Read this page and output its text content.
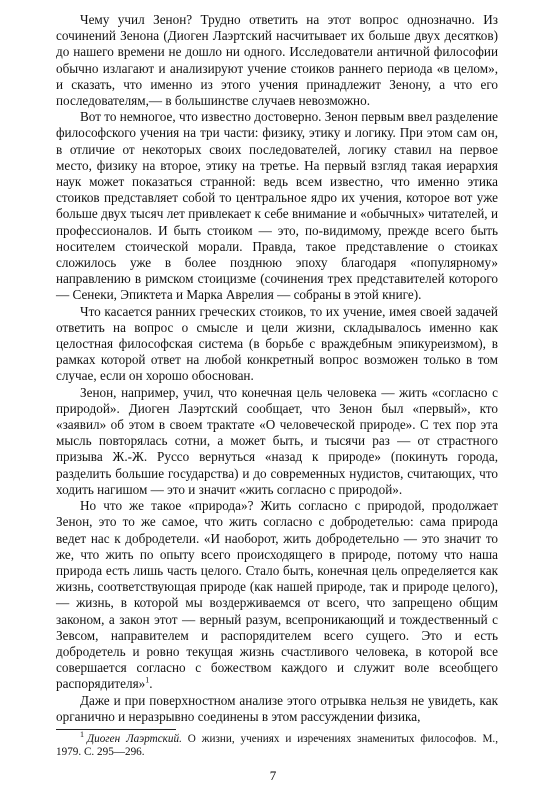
Чему учил Зенон? Трудно ответить на этот вопрос однозначно. Из сочинений Зенона (Диоген Лаэртский насчитывает их больше двух десятков) до нашего времени не дошло ни одного. Исследователи античной философии обычно излагают и анализируют учение стоиков раннего периода «в целом», и сказать, что именно из этого учения принадлежит Зенону, а что его последователям,— в большинстве случаев невозможно.

Вот то немногое, что известно достоверно. Зенон первым ввел разделение философского учения на три части: физику, этику и логику. При этом сам он, в отличие от некоторых своих последователей, логику ставил на первое место, физику на второе, этику на третье. На первый взгляд такая иерархия наук может показаться странной: ведь всем известно, что именно этика стоиков представляет собой то центральное ядро их учения, которое вот уже больше двух тысяч лет привлекает к себе внимание и «обычных» читателей, и профессионалов. И быть стоиком — это, по-видимому, прежде всего быть носителем стоической морали. Правда, такое представление о стоиках сложилось уже в более позднюю эпоху благодаря «популярному» направлению в римском стоицизме (сочинения трех представителей которого — Сенеки, Эпиктета и Марка Аврелия — собраны в этой книге).

Что касается ранних греческих стоиков, то их учение, имея своей задачей ответить на вопрос о смысле и цели жизни, складывалось именно как целостная философская система (в борьбе с враждебным эпикуреизмом), в рамках которой ответ на любой конкретный вопрос возможен только в том случае, если он хорошо обоснован.

Зенон, например, учил, что конечная цель человека — жить «согласно с природой». Диоген Лаэртский сообщает, что Зенон был «первый», кто «заявил» об этом в своем трактате «О человеческой природе». С тех пор эта мысль повторялась сотни, а может быть, и тысячи раз — от страстного призыва Ж.-Ж. Руссо вернуться «назад к природе» (покинуть города, разделить большие государства) и до современных нудистов, считающих, что ходить нагишом — это и значит «жить согласно с природой».

Но что же такое «природа»? Жить согласно с природой, продолжает Зенон, это то же самое, что жить согласно с добродетелью: сама природа ведет нас к добродетели. «И наоборот, жить добродетельно — это значит то же, что жить по опыту всего происходящего в природе, потому что наша природа есть лишь часть целого. Стало быть, конечная цель определяется как жизнь, соответствующая природе (как нашей природе, так и природе целого),— жизнь, в которой мы воздерживаемся от всего, что запрещено общим законом, а закон этот — верный разум, всепроникающий и тождественный с Зевсом, направителем и распорядителем всего сущего. Это и есть добродетель и ровно текущая жизнь счастливого человека, в которой все совершается согласно с божеством каждого и служит воле всеобщего распорядителя»$^1$.

Даже и при поверхностном анализе этого отрывка нельзя не увидеть, как органично и неразрывно соединены в этом рассуждении физика,

$^1$ Диоген Лаэртский. О жизни, учениях и изречениях знаменитых философов. М., 1979. С. 295—296.

7
